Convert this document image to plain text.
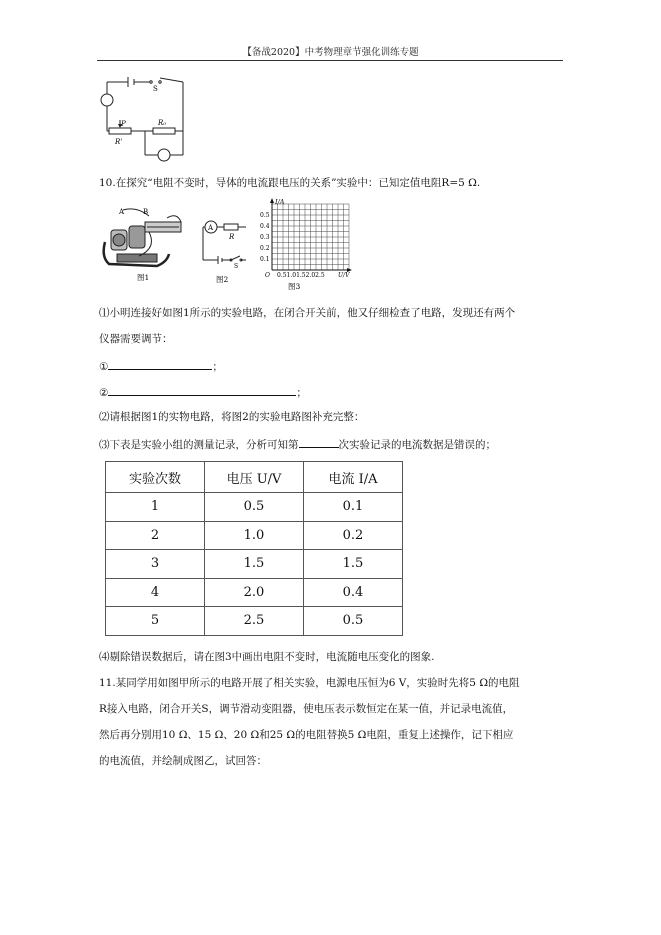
【备战2020】中考物理章节强化训练专题
S
P
R'
R₀
10.在探究“电阻不变时，导体的电流跟电压的关系”实验中：已知定值电阻R=5 Ω.
A	B
图1
A
R
S
图2
I/A
0.5
0.4
0.3
0.2
0.1
O 0.51.01.52.02.5 U/V
图3
⑴小明连接好如图1所示的实验电路，在闭合开关前，他又仔细检查了电路，发现还有两个
仪器需要调节：
①	；
②	；
⑵请根据图1的实物电路，将图2的实验电路图补充完整：
⑶下表是实验小组的测量记录，分析可知第	次实验记录的电流数据是错误的；
实验次数	电压 U/V	电流 I/A
1	0.5	0.1
2	1.0	0.2
3	1.5	1.5
4	2.0	0.4
5	2.5	0.5
⑷剔除错误数据后，请在图3中画出电阻不变时，电流随电压变化的图象.
11.某同学用如图甲所示的电路开展了相关实验，电源电压恒为6 V，实验时先将5 Ω的电阻
R接入电路，闭合开关S，调节滑动变阻器，使电压表示数恒定在某一值，并记录电流值，
然后再分别用10 Ω、15 Ω、20 Ω和25 Ω的电阻替换5 Ω电阻，重复上述操作，记下相应
的电流值，并绘制成图乙，试回答：
